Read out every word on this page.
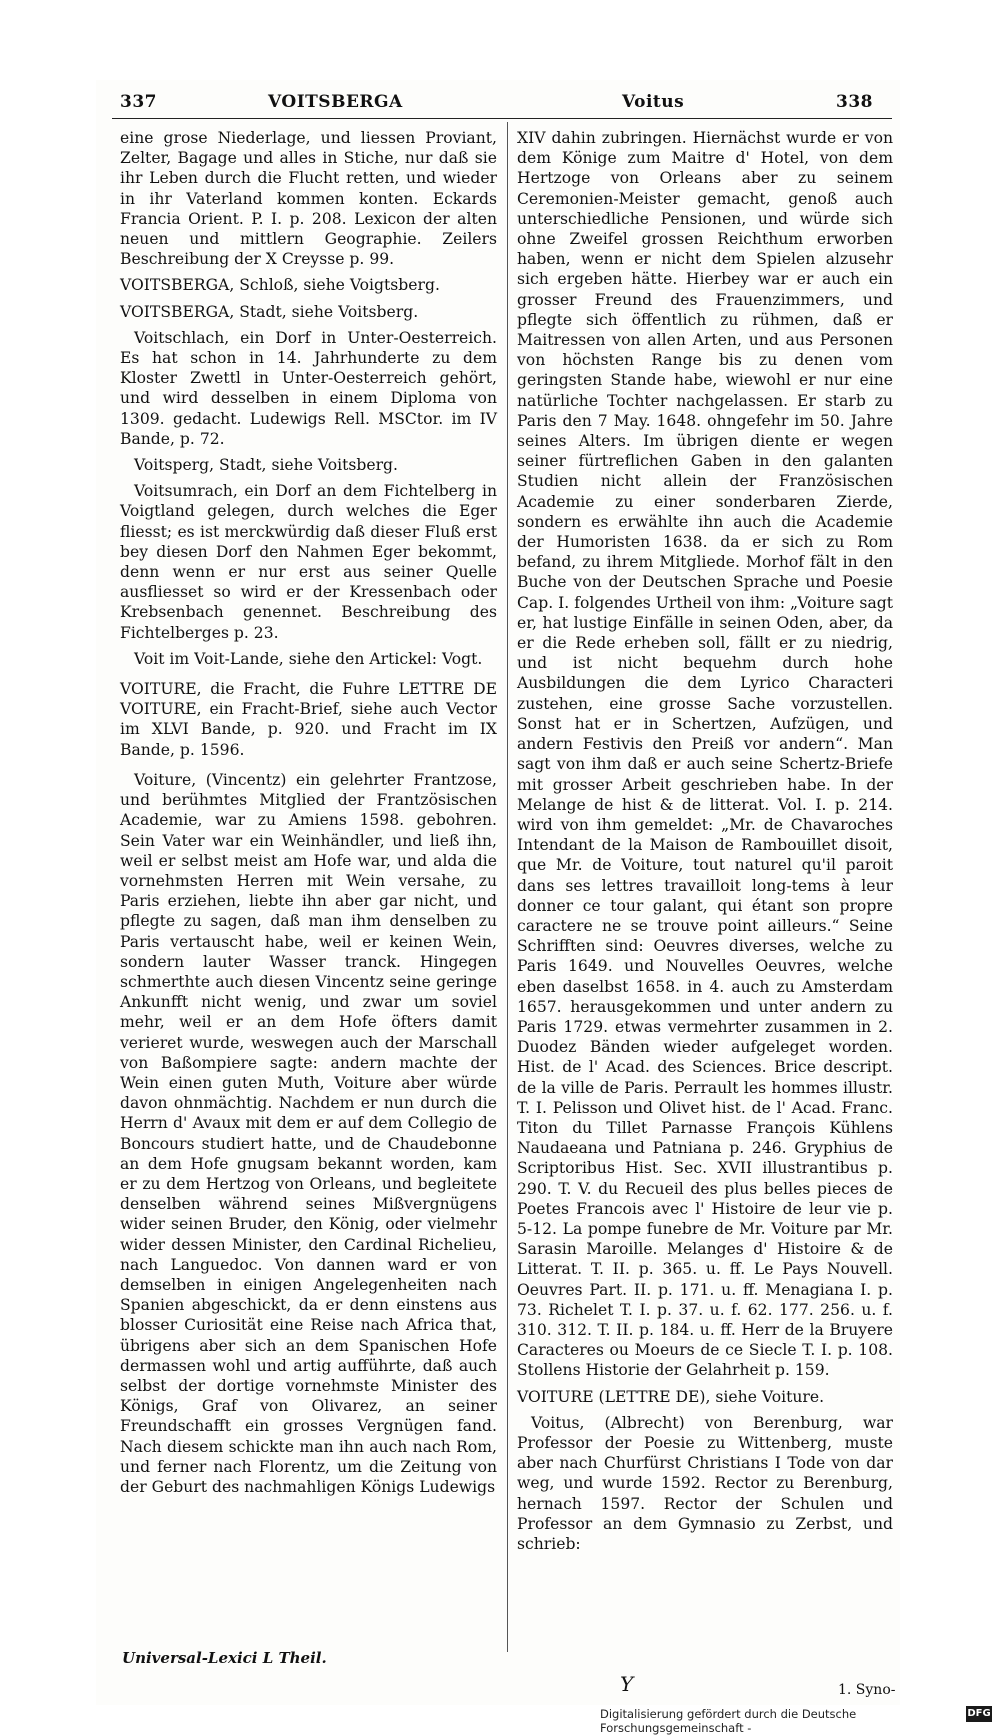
337	VOITSBERGA	Voitus	338

eine grose Niederlage, und liessen Proviant, Zelter, Bagage und alles in Stiche, nur daß sie ihr Leben durch die Flucht retten, und wieder in ihr Vaterland kommen konten. Eckards Francia Orient. P. I. p. 208. Lexicon der alten neuen und mittlern Geographie. Zeilers Beschreibung der X Creysse p. 99.

VOITSBERGA, Schloß, siehe Voigtsberg.

VOITSBERGA, Stadt, siehe Voitsberg.

Voitschlach, ein Dorf in Unter-Oesterreich. Es hat schon in 14. Jahrhunderte zu dem Kloster Zwettl in Unter-Oesterreich gehört, und wird desselben in einem Diploma von 1309. gedacht. Ludewigs Rell. MSCtor. im IV Bande, p. 72.

Voitsperg, Stadt, siehe Voitsberg.

Voitsumrach, ein Dorf an dem Fichtelberg in Voigtland gelegen, durch welches die Eger fliesst; es ist merckwürdig daß dieser Fluß erst bey diesen Dorf den Nahmen Eger bekommt, denn wenn er nur erst aus seiner Quelle ausfliesset so wird er der Kressenbach oder Krebsenbach genennet. Beschreibung des Fichtelberges p. 23.

Voit im Voit-Lande, siehe den Artickel: Vogt.

VOITURE, die Fracht, die Fuhre LETTRE DE VOITURE, ein Fracht-Brief, siehe auch Vector im XLVI Bande, p. 920. und Fracht im IX Bande, p. 1596.

Voiture, (Vincentz) ein gelehrter Frantzose, und berühmtes Mitglied der Frantzösischen Academie, war zu Amiens 1598. gebohren. Sein Vater war ein Weinhändler, und ließ ihn, weil er selbst meist am Hofe war, und alda die vornehmsten Herren mit Wein versahe, zu Paris erziehen, liebte ihn aber gar nicht, und pflegte zu sagen, daß man ihm denselben zu Paris vertauscht habe, weil er keinen Wein, sondern lauter Wasser tranck. Hingegen schmerthte auch diesen Vincentz seine geringe Ankunfft nicht wenig, und zwar um soviel mehr, weil er an dem Hofe öfters damit verieret wurde, weswegen auch der Marschall von Baßompiere sagte: andern machte der Wein einen guten Muth, Voiture aber würde davon ohnmächtig. Nachdem er nun durch die Herrn d' Avaux mit dem er auf dem Collegio de Boncours studiert hatte, und de Chaudebonne an dem Hofe gnugsam bekannt worden, kam er zu dem Hertzog von Orleans, und begleitete denselben während seines Mißvergnügens wider seinen Bruder, den König, oder vielmehr wider dessen Minister, den Cardinal Richelieu, nach Languedoc. Von dannen ward er von demselben in einigen Angelegenheiten nach Spanien abgeschickt, da er denn einstens aus blosser Curiosität eine Reise nach Africa that, übrigens aber sich an dem Spanischen Hofe dermassen wohl und artig aufführte, daß auch selbst der dortige vornehmste Minister des Königs, Graf von Olivarez, an seiner Freundschafft ein grosses Vergnügen fand. Nach diesem schickte man ihn auch nach Rom, und ferner nach Florentz, um die Zeitung von der Geburt des nachmahligen Königs Ludewigs

XIV dahin zubringen. Hiernächst wurde er von dem Könige zum Maitre d' Hotel, von dem Hertzoge von Orleans aber zu seinem Ceremonien-Meister gemacht, genoß auch unterschiedliche Pensionen, und würde sich ohne Zweifel grossen Reichthum erworben haben, wenn er nicht dem Spielen alzusehr sich ergeben hätte. Hierbey war er auch ein grosser Freund des Frauenzimmers, und pflegte sich öffentlich zu rühmen, daß er Maitressen von allen Arten, und aus Personen von höchsten Range bis zu denen vom geringsten Stande habe, wiewohl er nur eine natürliche Tochter nachgelassen. Er starb zu Paris den 7 May. 1648. ohngefehr im 50. Jahre seines Alters. Im übrigen diente er wegen seiner fürtreflichen Gaben in den galanten Studien nicht allein der Französischen Academie zu einer sonderbaren Zierde, sondern es erwählte ihn auch die Academie der Humoristen 1638. da er sich zu Rom befand, zu ihrem Mitgliede. Morhof fält in den Buche von der Deutschen Sprache und Poesie Cap. I. folgendes Urtheil von ihm: „Voiture sagt er, hat lustige Einfälle in seinen Oden, aber, da er die Rede erheben soll, fällt er zu niedrig, und ist nicht bequehm durch hohe Ausbildungen die dem Lyrico Characteri zustehen, eine grosse Sache vorzustellen. Sonst hat er in Schertzen, Aufzügen, und andern Festivis den Preiß vor andern“. Man sagt von ihm daß er auch seine Schertz-Briefe mit grosser Arbeit geschrieben habe. In der Melange de hist & de litterat. Vol. I. p. 214. wird von ihm gemeldet: „Mr. de Chavaroches Intendant de la Maison de Rambouillet disoit, que Mr. de Voiture, tout naturel qu'il paroit dans ses lettres travailloit long-tems à leur donner ce tour galant, qui étant son propre caractere ne se trouve point ailleurs.“ Seine Schrifften sind: Oeuvres diverses, welche zu Paris 1649. und Nouvelles Oeuvres, welche eben daselbst 1658. in 4. auch zu Amsterdam 1657. herausgekommen und unter andern zu Paris 1729. etwas vermehrter zusammen in 2. Duodez Bänden wieder aufgeleget worden. Hist. de l' Acad. des Sciences. Brice descript. de la ville de Paris. Perrault les hommes illustr. T. I. Pelisson und Olivet hist. de l' Acad. Franc. Titon du Tillet Parnasse François Kühlens Naudaeana und Patniana p. 246. Gryphius de Scriptoribus Hist. Sec. XVII illustrantibus p. 290. T. V. du Recueil des plus belles pieces de Poetes Francois avec l' Histoire de leur vie p. 5-12. La pompe funebre de Mr. Voiture par Mr. Sarasin Maroille. Melanges d' Histoire & de Litterat. T. II. p. 365. u. ff. Le Pays Nouvell. Oeuvres Part. II. p. 171. u. ff. Menagiana I. p. 73. Richelet T. I. p. 37. u. f. 62. 177. 256. u. f. 310. 312. T. II. p. 184. u. ff. Herr de la Bruyere Caracteres ou Moeurs de ce Siecle T. I. p. 108. Stollens Historie der Gelahrheit p. 159.

VOITURE (LETTRE DE), siehe Voiture.

Voitus, (Albrecht) von Berenburg, war Professor der Poesie zu Wittenberg, muste aber nach Churfürst Christians I Tode von dar weg, und wurde 1592. Rector zu Berenburg, hernach 1597. Rector der Schulen und Professor an dem Gymnasio zu Zerbst, und schrieb:

Universal-Lexici L Theil.
Y	1. Syno-
Digitalisierung gefördert durch die Deutsche Forschungsgemeinschaft -
DFG
